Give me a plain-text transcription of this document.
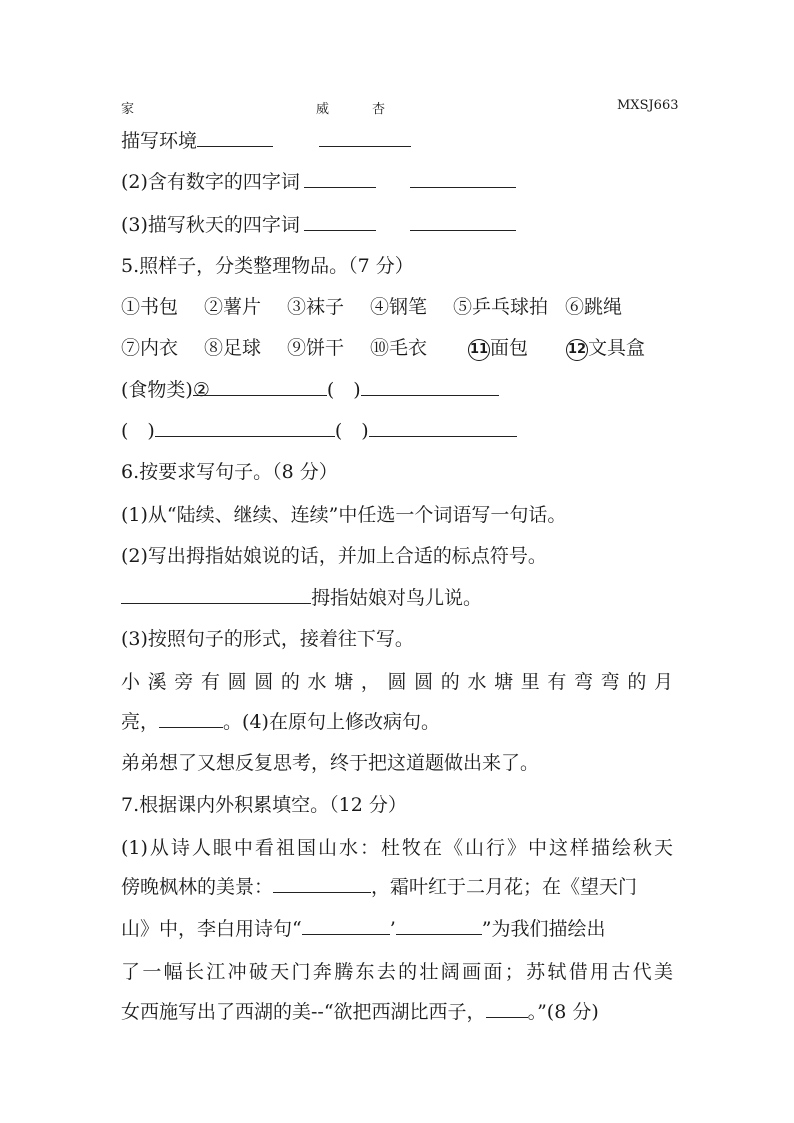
家	威	杏	MXSJ663
描写环境
(2)含有数字的四字词
(3)描写秋天的四字词
5.照样子，分类整理物品。（7 分）
①书包 ②薯片 ③袜子 ④钢笔 ⑤乒乓球拍 ⑥跳绳
⑦内衣 ⑧足球 ⑨饼干 ⑩毛衣	11 面包	12 文具盒
(食物类)②	(　)
(　)	(　)
6.按要求写句子。（8 分）
(1)从“陆续、继续、连续”中任选一个词语写一句话。
(2)写出拇指姑娘说的话，并加上合适的标点符号。
拇指姑娘对鸟儿说。
(3)按照句子的形式，接着往下写。
小溪旁有圆圆的水塘，圆圆的水塘里有弯弯的月
亮，	。(4)在原句上修改病句。
弟弟想了又想反复思考，终于把这道题做出来了。
7.根据课内外积累填空。（12 分）
(1)从诗人眼中看祖国山水：杜牧在《山行》中这样描绘秋天
傍晚枫林的美景：	，霜叶红于二月花；在《望天门
山》中，李白用诗句“	’	”为我们描绘出
了一幅长江冲破天门奔腾东去的壮阔画面；苏轼借用古代美
女西施写出了西湖的美--“欲把西湖比西子， 。”(8 分)
